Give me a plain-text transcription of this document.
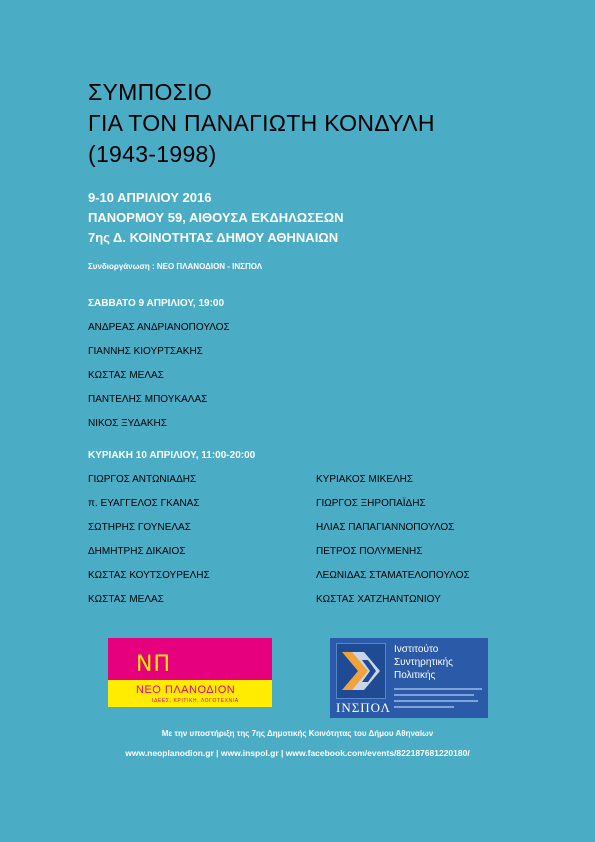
ΣΥΜΠΟΣΙΟ
ΓΙΑ ΤΟΝ ΠΑΝΑΓΙΩΤΗ ΚΟΝΔΥΛΗ
(1943-1998)
9-10 ΑΠΡΙΛΙΟΥ 2016
ΠΑΝΟΡΜΟΥ 59, ΑΙΘΟΥΣΑ ΕΚΔΗΛΩΣΕΩΝ
7ης Δ. ΚΟΙΝΟΤΗΤΑΣ ΔΗΜΟΥ ΑΘΗΝΑΙΩΝ
Συνδιοργάνωση : ΝΕΟ ΠΛΑΝΟΔΙΟΝ - ΙΝΣΠΟΛ
ΣΑΒΒΑΤΟ 9 ΑΠΡΙΛΙΟΥ, 19:00
ΑΝΔΡΕΑΣ ΑΝΔΡΙΑΝΟΠΟΥΛΟΣ
ΓΙΑΝΝΗΣ ΚΙΟΥΡΤΣΑΚΗΣ
ΚΩΣΤΑΣ ΜΕΛΑΣ
ΠΑΝΤΕΛΗΣ ΜΠΟΥΚΑΛΑΣ
ΝΙΚΟΣ ΞΥΔΑΚΗΣ
ΚΥΡΙΑΚΗ 10 ΑΠΡΙΛΙΟΥ, 11:00-20:00
ΓΙΩΡΓΟΣ ΑΝΤΩΝΙΑΔΗΣ
π. ΕΥΑΓΓΕΛΟΣ ΓΚΑΝΑΣ
ΣΩΤΗΡΗΣ ΓΟΥΝΕΛΑΣ
ΔΗΜΗΤΡΗΣ ΔΙΚΑΙΟΣ
ΚΩΣΤΑΣ ΚΟΥΤΣΟΥΡΕΛΗΣ
ΚΩΣΤΑΣ ΜΕΛΑΣ
ΚΥΡΙΑΚΟΣ ΜΙΚΕΛΗΣ
ΓΙΩΡΓΟΣ ΞΗΡΟΠΑΪΔΗΣ
ΗΛΙΑΣ ΠΑΠΑΓΙΑΝΝΟΠΟΥΛΟΣ
ΠΕΤΡΟΣ ΠΟΛΥΜΕΝΗΣ
ΛΕΩΝΙΔΑΣ ΣΤΑΜΑΤΕΛΟΠΟΥΛΟΣ
ΚΩΣΤΑΣ ΧΑΤΖΗΑΝΤΩΝΙΟΥ
ΝΠ
ΝΕΟ ΠΛΑΝΟΔΙΟΝ
ΙΔΕΕΣ, ΚΡΙΤΙΚΗ, ΛΟΓΟΤΕΧΝΙΑ	ΙΝΣΠΟΛ
Ινστιτούτο
Συντηρητικής
Πολιτικής
Με την υποστήριξη της 7ης Δημοτικής Κοινότητας του Δήμου Αθηναίων
www.neoplanodion.gr | www.inspol.gr | www.facebook.com/events/822187681220180/
